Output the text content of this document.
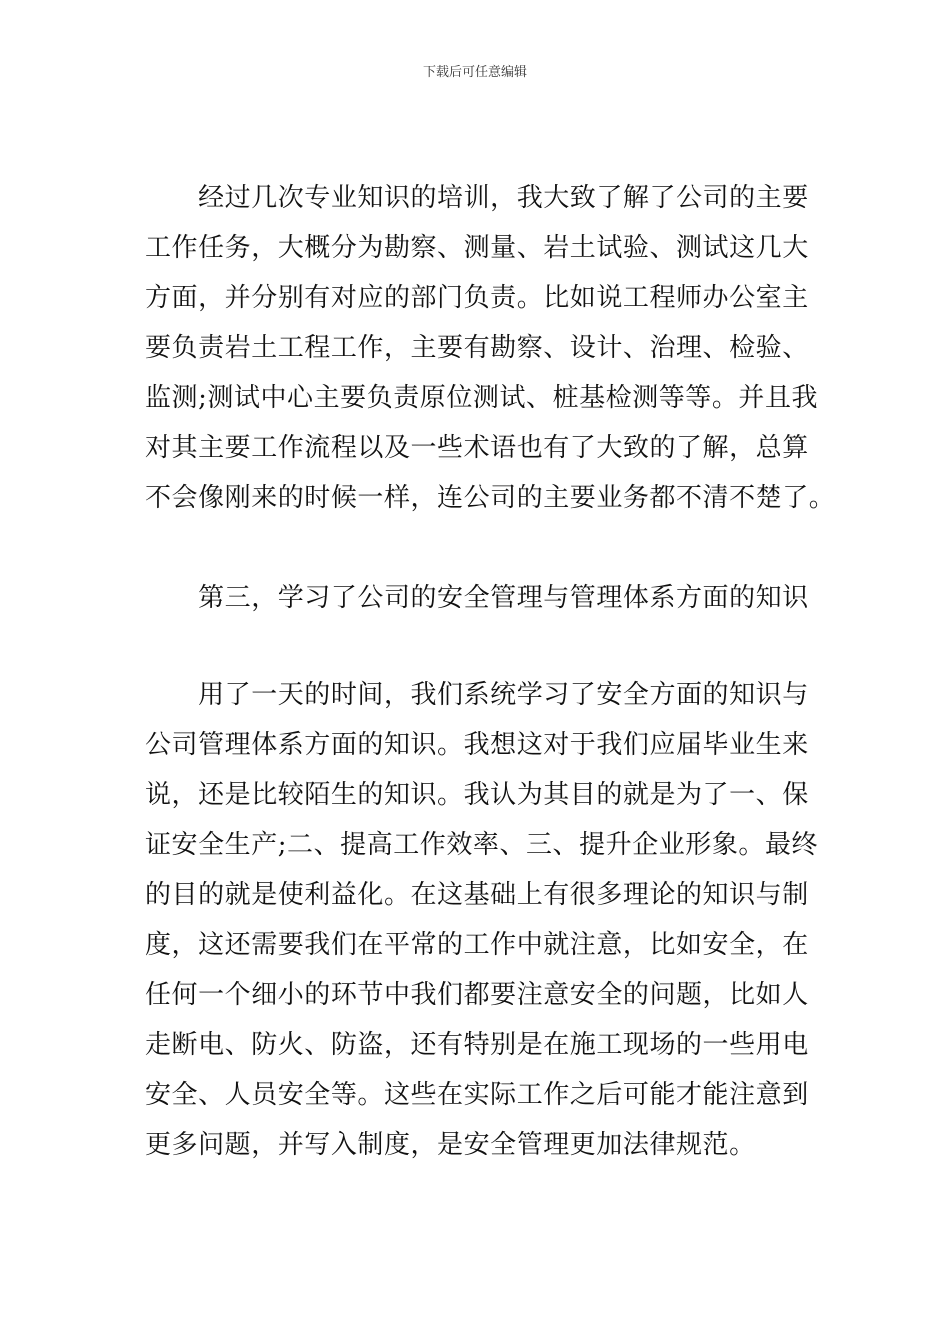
下载后可任意编辑
　　经过几次专业知识的培训，我大致了解了公司的主要
工作任务，大概分为勘察、测量、岩土试验、测试这几大
方面，并分别有对应的部门负责。比如说工程师办公室主
要负责岩土工程工作，主要有勘察、设计、治理、检验、
监测;测试中心主要负责原位测试、桩基检测等等。并且我
对其主要工作流程以及一些术语也有了大致的了解，总算
不会像刚来的时候一样，连公司的主要业务都不清不楚了。
　　第三，学习了公司的安全管理与管理体系方面的知识
　　用了一天的时间，我们系统学习了安全方面的知识与
公司管理体系方面的知识。我想这对于我们应届毕业生来
说，还是比较陌生的知识。我认为其目的就是为了一、保
证安全生产;二、提高工作效率、三、提升企业形象。最终
的目的就是使利益化。在这基础上有很多理论的知识与制
度，这还需要我们在平常的工作中就注意，比如安全，在
任何一个细小的环节中我们都要注意安全的问题，比如人
走断电、防火、防盗，还有特别是在施工现场的一些用电
安全、人员安全等。这些在实际工作之后可能才能注意到
更多问题，并写入制度，是安全管理更加法律规范。
